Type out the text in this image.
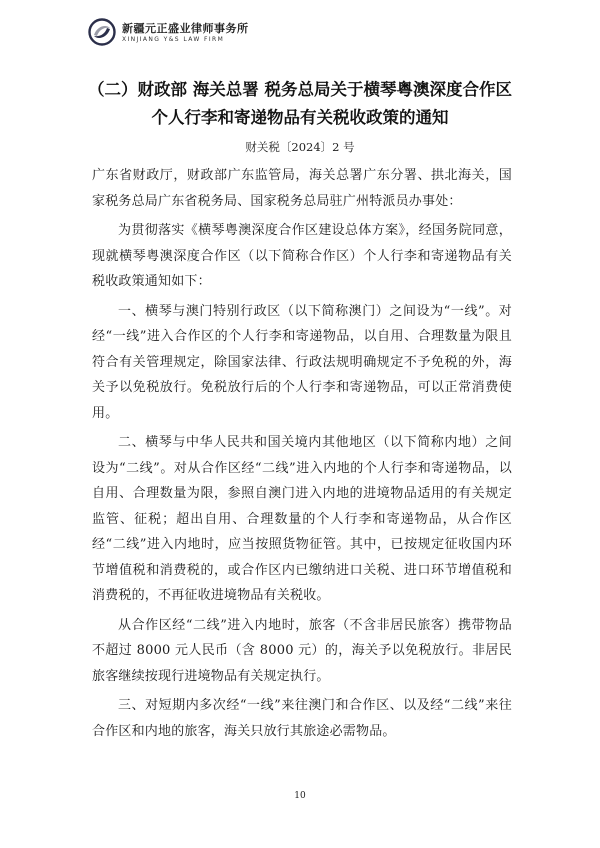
新疆元正盛业律师事务所
XINJIANG Y&S LAW FIRM
（二）财政部 海关总署 税务总局关于横琴粤澳深度合作区
个人行李和寄递物品有关税收政策的通知
财关税〔2024〕2 号

广东省财政厅，财政部广东监管局，海关总署广东分署、拱北海关，国家税务总局广东省税务局、国家税务总局驻广州特派员办事处：

为贯彻落实《横琴粤澳深度合作区建设总体方案》，经国务院同意，现就横琴粤澳深度合作区（以下简称合作区）个人行李和寄递物品有关税收政策通知如下：

一、横琴与澳门特别行政区（以下简称澳门）之间设为“一线”。对经“一线”进入合作区的个人行李和寄递物品，以自用、合理数量为限且符合有关管理规定，除国家法律、行政法规明确规定不予免税的外，海关予以免税放行。免税放行后的个人行李和寄递物品，可以正常消费使用。

二、横琴与中华人民共和国关境内其他地区（以下简称内地）之间设为“二线”。对从合作区经“二线”进入内地的个人行李和寄递物品，以自用、合理数量为限，参照自澳门进入内地的进境物品适用的有关规定监管、征税；超出自用、合理数量的个人行李和寄递物品，从合作区经“二线”进入内地时，应当按照货物征管。其中，已按规定征收国内环节增值税和消费税的，或合作区内已缴纳进口关税、进口环节增值税和消费税的，不再征收进境物品有关税收。

从合作区经“二线”进入内地时，旅客（不含非居民旅客）携带物品不超过 8000 元人民币（含 8000 元）的，海关予以免税放行。非居民旅客继续按现行进境物品有关规定执行。

三、对短期内多次经“一线”来往澳门和合作区、以及经“二线”来往合作区和内地的旅客，海关只放行其旅途必需物品。

10
